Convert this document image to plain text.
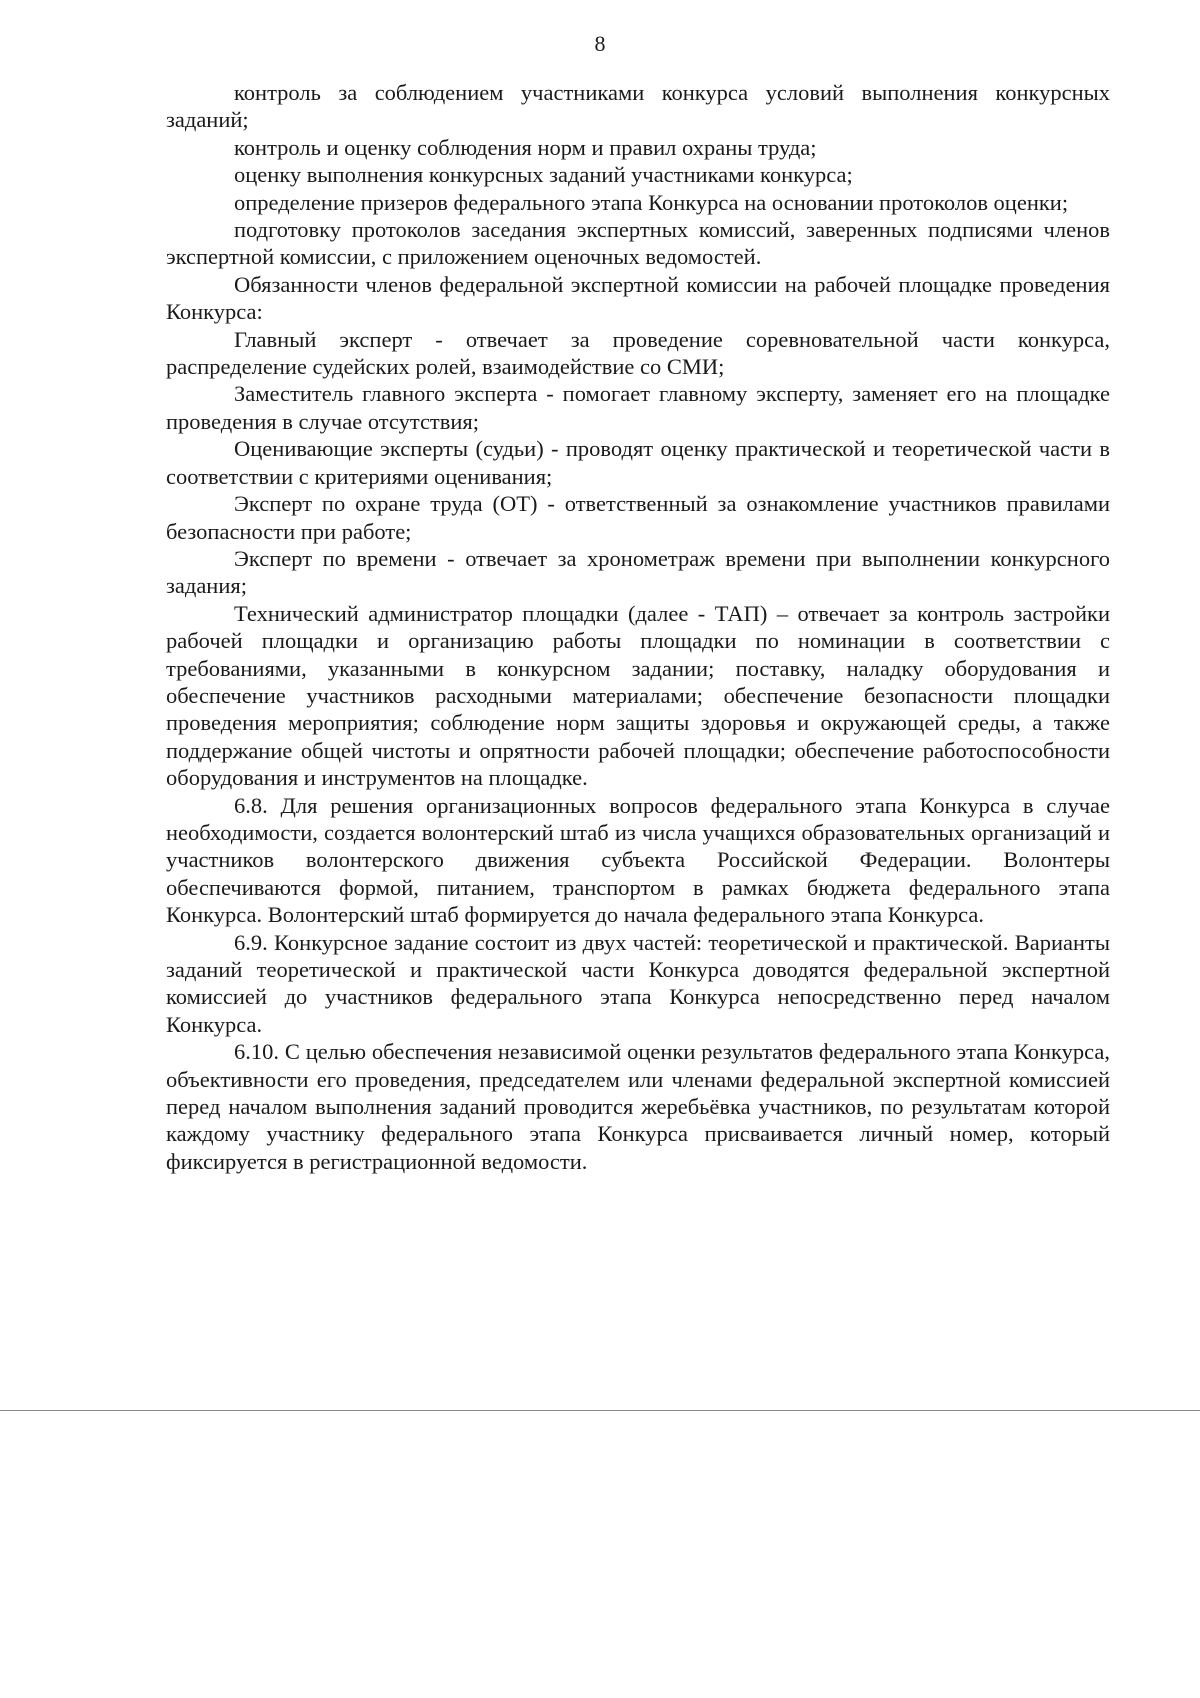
8

контроль за соблюдением участниками конкурса условий выполнения конкурсных заданий;

контроль и оценку соблюдения норм и правил охраны труда;

оценку выполнения конкурсных заданий участниками конкурса;

определение призеров федерального этапа Конкурса на основании протоколов оценки;

подготовку протоколов заседания экспертных комиссий, заверенных подписями членов экспертной комиссии, с приложением оценочных ведомостей.

Обязанности членов федеральной экспертной комиссии на рабочей площадке проведения Конкурса:

Главный эксперт - отвечает за проведение соревновательной части конкурса, распределение судейских ролей, взаимодействие со СМИ;

Заместитель главного эксперта - помогает главному эксперту, заменяет его на площадке проведения в случае отсутствия;

Оценивающие эксперты (судьи) - проводят оценку практической и теоретической части в соответствии с критериями оценивания;

Эксперт по охране труда (ОТ) - ответственный за ознакомление участников правилами безопасности при работе;

Эксперт по времени - отвечает за хронометраж времени при выполнении конкурсного задания;

Технический администратор площадки (далее - ТАП) – отвечает за контроль застройки рабочей площадки и организацию работы площадки по номинации в соответствии с требованиями, указанными в конкурсном задании; поставку, наладку оборудования и обеспечение участников расходными материалами; обеспечение безопасности площадки проведения мероприятия; соблюдение норм защиты здоровья и окружающей среды, а также поддержание общей чистоты и опрятности рабочей площадки; обеспечение работоспособности оборудования и инструментов на площадке.

6.8. Для решения организационных вопросов федерального этапа Конкурса в случае необходимости, создается волонтерский штаб из числа учащихся образовательных организаций и участников волонтерского движения субъекта Российской Федерации. Волонтеры обеспечиваются формой, питанием, транспортом в рамках бюджета федерального этапа Конкурса. Волонтерский штаб формируется до начала федерального этапа Конкурса.

6.9. Конкурсное задание состоит из двух частей: теоретической и практической. Варианты заданий теоретической и практической части Конкурса доводятся федеральной экспертной комиссией до участников федерального этапа Конкурса непосредственно перед началом Конкурса.

6.10. С целью обеспечения независимой оценки результатов федерального этапа Конкурса, объективности его проведения, председателем или членами федеральной экспертной комиссией перед началом выполнения заданий проводится жеребьёвка участников, по результатам которой каждому участнику федерального этапа Конкурса присваивается личный номер, который фиксируется в регистрационной ведомости.
